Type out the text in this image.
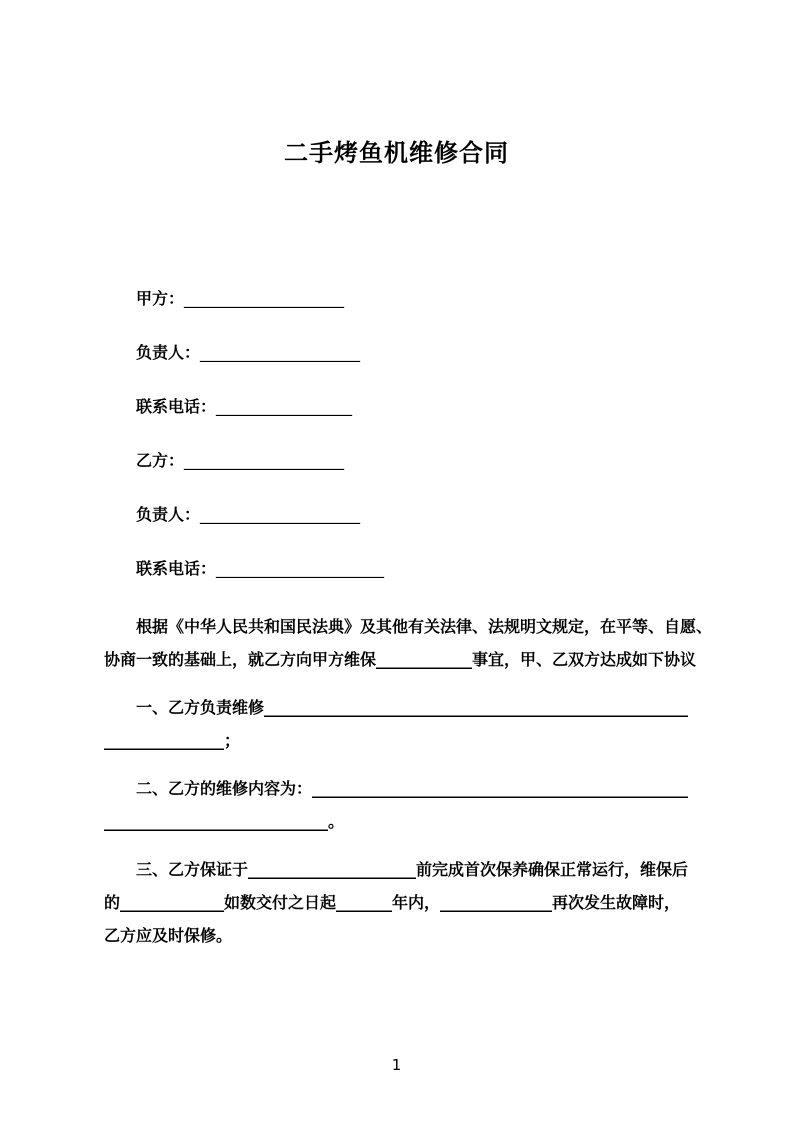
二手烤鱼机维修合同
甲方：____________________
负责人：____________________
联系电话：_________________
乙方：____________________
负责人：____________________
联系电话：_____________________
根据《中华人民共和国民法典》及其他有关法律、法规明文规定，在平等、自愿、
协商一致的基础上，就乙方向甲方维保____________事宜，甲、乙双方达成如下协议
一、乙方负责维修_____________________________________________________
_______________；
二、乙方的维修内容为：_______________________________________________
____________________________。
三、乙方保证于_____________________前完成首次保养确保正常运行，维保后
的_____________如数交付之日起_______年内，______________再次发生故障时，
乙方应及时保修。
1
